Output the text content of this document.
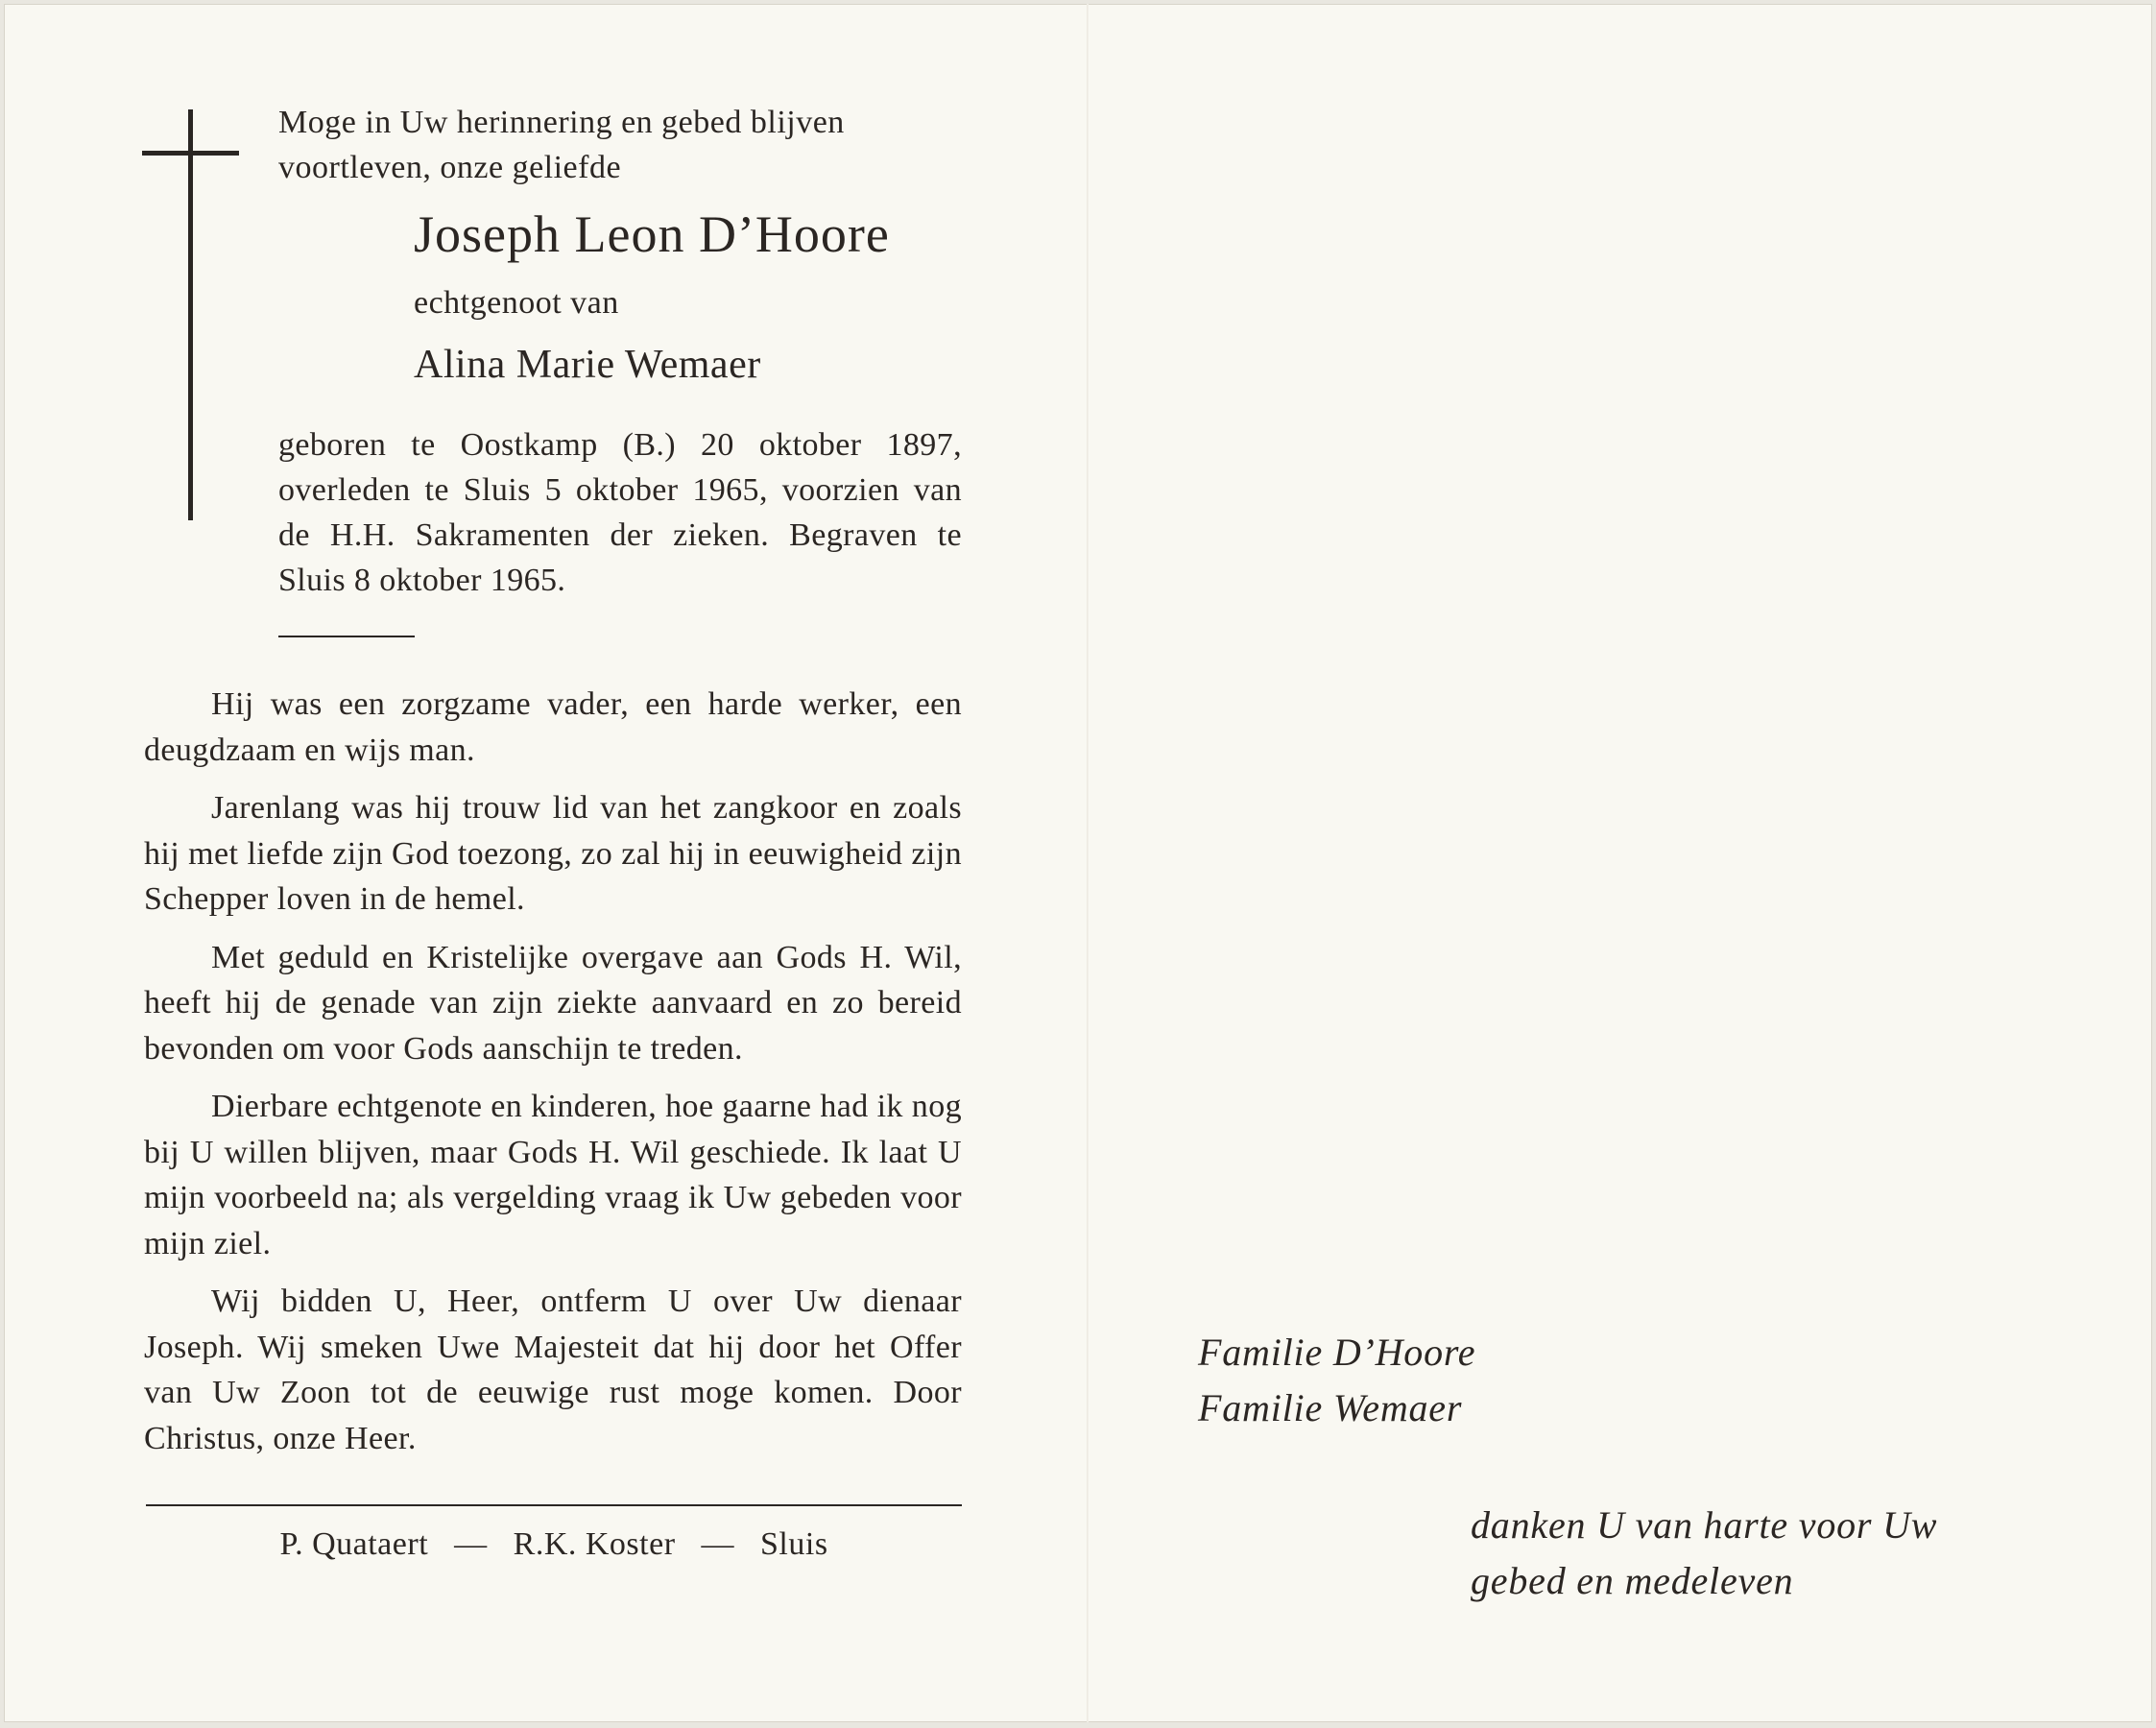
Moge in Uw herinnering en gebed blijven voortleven, onze geliefde
Joseph Leon D’Hoore
echtgenoot van
Alina Marie Wemaer
geboren te Oostkamp (B.) 20 oktober 1897, overleden te Sluis 5 oktober 1965, voorzien van de H.H. Sakramenten der zieken. Begraven te Sluis 8 oktober 1965.

Hij was een zorgzame vader, een harde werker, een deugdzaam en wijs man.

Jarenlang was hij trouw lid van het zangkoor en zoals hij met liefde zijn God toezong, zo zal hij in eeuwigheid zijn Schepper loven in de hemel.

Met geduld en Kristelijke overgave aan Gods H. Wil, heeft hij de genade van zijn ziekte aanvaard en zo bereid bevonden om voor Gods aanschijn te treden.

Dierbare echtgenote en kinderen, hoe gaarne had ik nog bij U willen blijven, maar Gods H. Wil geschiede. Ik laat U mijn voorbeeld na; als vergelding vraag ik Uw gebeden voor mijn ziel.

Wij bidden U, Heer, ontferm U over Uw dienaar Joseph. Wij smeken Uwe Majesteit dat hij door het Offer van Uw Zoon tot de eeuwige rust moge komen. Door Christus, onze Heer.

P. Quataert   —   R.K. Koster   —   Sluis
Familie D’Hoore
Familie Wemaer
danken U van harte voor Uw
gebed en medeleven
